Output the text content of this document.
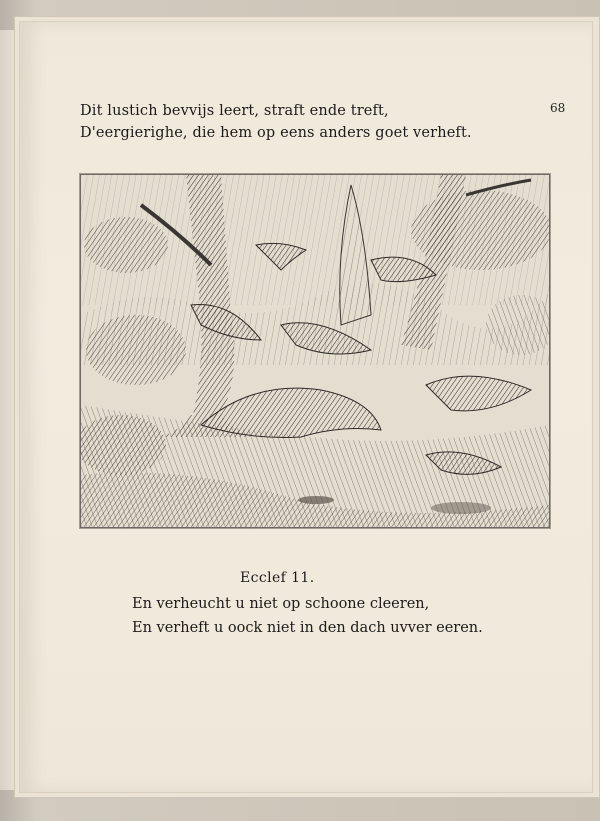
68
Dit lustich bevvijs leert, straft ende treft,
D'eergierighe, die hem op eens anders goet verheft.
Ecclef 11.
En verheucht u niet op schoone cleeren,
En verheft u oock niet in den dach uvver eeren.
